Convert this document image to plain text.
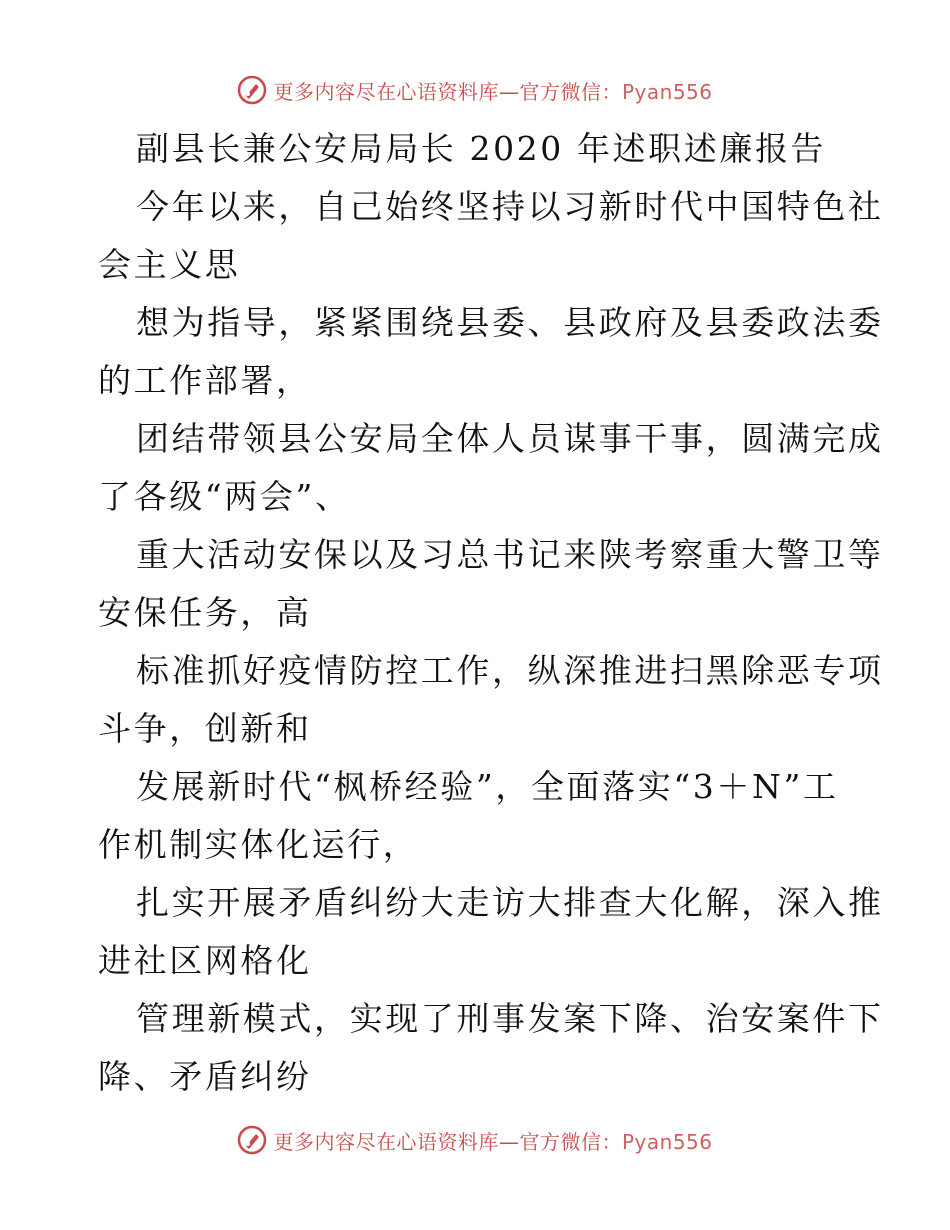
更多内容尽在心语资料库—官方微信：Pyan556
副县长兼公安局局长 2020 年述职述廉报告
今年以来，自己始终坚持以习新时代中国特色社
会主义思
想为指导，紧紧围绕县委、县政府及县委政法委
的工作部署，
团结带领县公安局全体人员谋事干事，圆满完成
了各级“两会”、
重大活动安保以及习总书记来陕考察重大警卫等
安保任务，高
标准抓好疫情防控工作，纵深推进扫黑除恶专项
斗争，创新和
发展新时代“枫桥经验”，全面落实“3＋N”工
作机制实体化运行，
扎实开展矛盾纠纷大走访大排查大化解，深入推
进社区网格化
管理新模式，实现了刑事发案下降、治安案件下
降、矛盾纠纷
更多内容尽在心语资料库—官方微信：Pyan556
